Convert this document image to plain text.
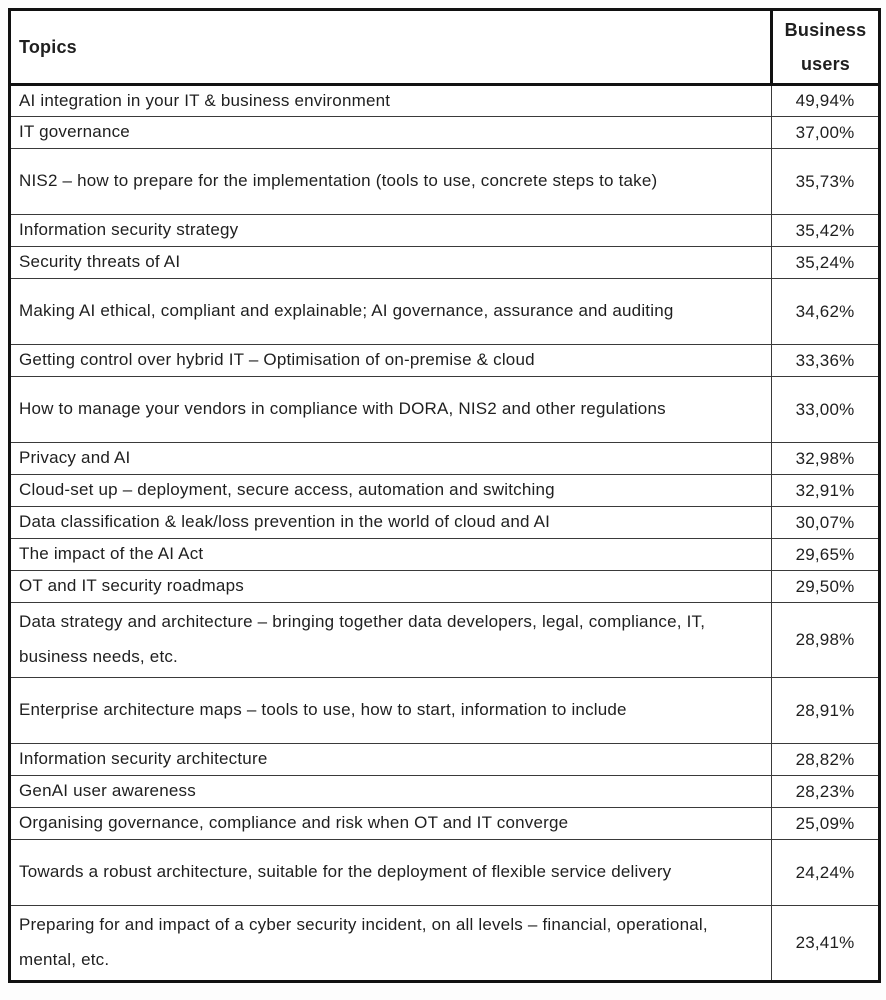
Topics	Business users
AI integration in your IT & business environment	49,94%
IT governance	37,00%
NIS2 – how to prepare for the implementation (tools to use, concrete steps to take)	35,73%
Information security strategy	35,42%
Security threats of AI	35,24%
Making AI ethical, compliant and explainable; AI governance, assurance and auditing	34,62%
Getting control over hybrid IT – Optimisation of on-premise & cloud	33,36%
How to manage your vendors in compliance with DORA, NIS2 and other regulations	33,00%
Privacy and AI	32,98%
Cloud-set up – deployment, secure access, automation and switching	32,91%
Data classification & leak/loss prevention in the world of cloud and AI	30,07%
The impact of the AI Act	29,65%
OT and IT security roadmaps	29,50%
Data strategy and architecture – bringing together data developers, legal, compliance, IT, business needs, etc.	28,98%
Enterprise architecture maps – tools to use, how to start, information to include	28,91%
Information security architecture	28,82%
GenAI user awareness	28,23%
Organising governance, compliance and risk when OT and IT converge	25,09%
Towards a robust architecture, suitable for the deployment of flexible service delivery	24,24%
Preparing for and impact of a cyber security incident, on all levels – financial, operational, mental, etc.	23,41%
